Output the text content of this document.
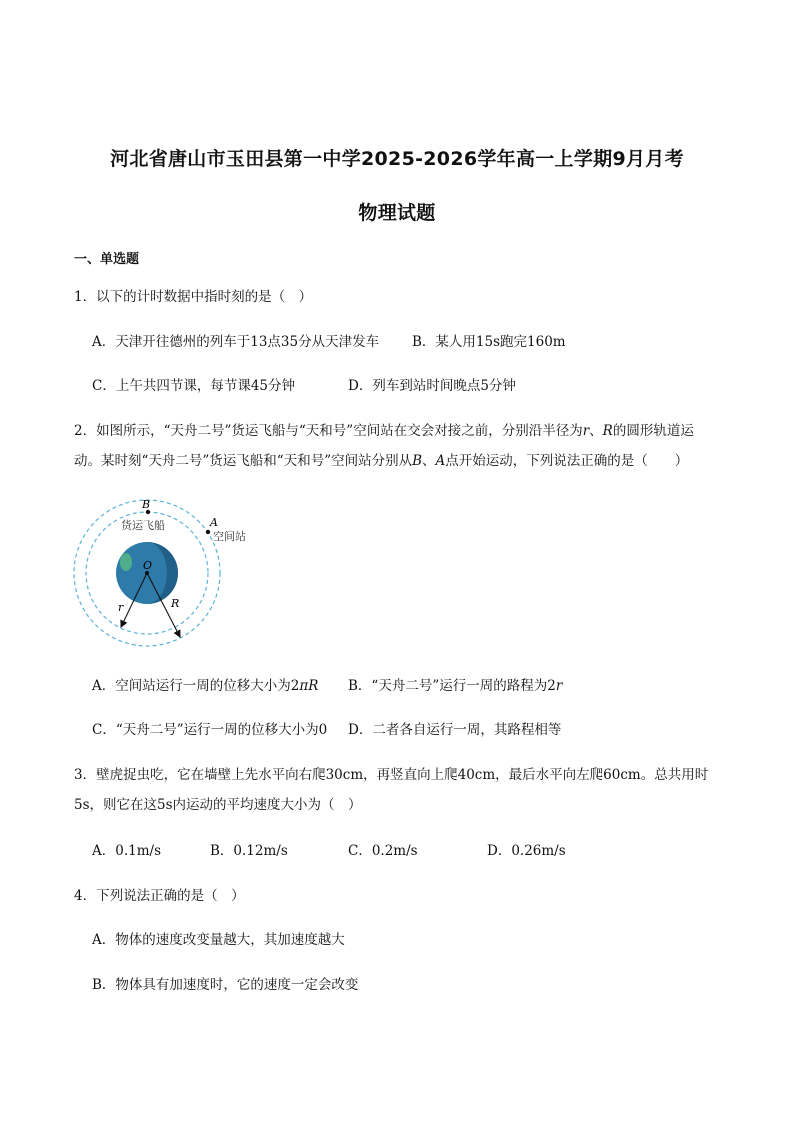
河北省唐山市玉田县第一中学2025-2026学年高一上学期9月月考
物理试题
一、单选题
1．以下的计时数据中指时刻的是（　）
A．天津开往德州的列车于13点35分从天津发车 B．某人用15s跑完160m
C．上午共四节课，每节课45分钟	D．列车到站时间晚点5分钟
2．如图所示，“天舟二号”货运飞船与“天和号”空间站在交会对接之前，分别沿半径为r、R的圆形轨道运
动。某时刻“天舟二号”货运飞船和“天和号”空间站分别从B、A点开始运动，下列说法正确的是（　　）
B
A
货运飞船
空间站
O
r	R
A．空间站运行一周的位移大小为2πR B．“天舟二号”运行一周的路程为2r
C．“天舟二号”运行一周的位移大小为0 D．二者各自运行一周，其路程相等
3．壁虎捉虫吃，它在墙壁上先水平向右爬30cm，再竖直向上爬40cm，最后水平向左爬60cm。总共用时
5s，则它在这5s内运动的平均速度大小为（　）
A．0.1m/s	B．0.12m/s	C．0.2m/s	D．0.26m/s
4．下列说法正确的是（　）
A．物体的速度改变量越大，其加速度越大
B．物体具有加速度时，它的速度一定会改变
